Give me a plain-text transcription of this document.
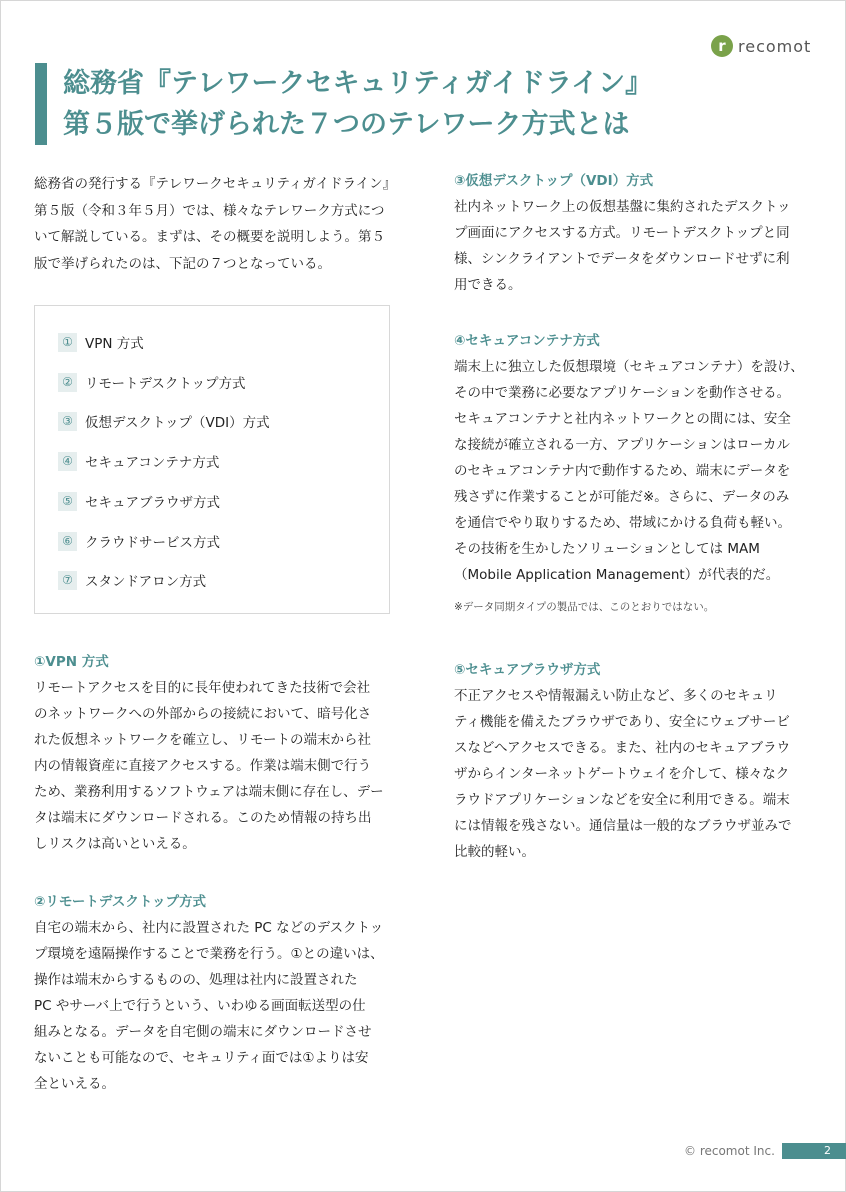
r recomot
総務省『テレワークセキュリティガイドライン』
第５版で挙げられた７つのテレワーク方式とは

総務省の発行する『テレワークセキュリティガイドライン』第５版（令和３年５月）では、様々なテレワーク方式について解説している。まずは、その概要を説明しよう。第５版で挙げられたのは、下記の７つとなっている。

① VPN 方式
② リモートデスクトップ方式
③ 仮想デスクトップ（VDI）方式
④ セキュアコンテナ方式
⑤ セキュアブラウザ方式
⑥ クラウドサービス方式
⑦ スタンドアロン方式

①VPN 方式

リモートアクセスを目的に長年使われてきた技術で会社

のネットワークへの外部からの接続において、暗号化さ

れた仮想ネットワークを確立し、リモートの端末から社

内の情報資産に直接アクセスする。作業は端末側で行う

ため、業務利用するソフトウェアは端末側に存在し、デー

タは端末にダウンロードされる。このため情報の持ち出

しリスクは高いといえる。

②リモートデスクトップ方式

自宅の端末から、社内に設置された PC などのデスクトッ

プ環境を遠隔操作することで業務を行う。①との違いは、

操作は端末からするものの、処理は社内に設置された

PC やサーバ上で行うという、いわゆる画面転送型の仕

組みとなる。データを自宅側の端末にダウンロードさせ

ないことも可能なので、セキュリティ面では①よりは安

全といえる。

③仮想デスクトップ（VDI）方式

社内ネットワーク上の仮想基盤に集約されたデスクトッ

プ画面にアクセスする方式。リモートデスクトップと同

様、シンクライアントでデータをダウンロードせずに利

用できる。

④セキュアコンテナ方式

端末上に独立した仮想環境（セキュアコンテナ）を設け、

その中で業務に必要なアプリケーションを動作させる。

セキュアコンテナと社内ネットワークとの間には、安全

な接続が確立される一方、アプリケーションはローカル

のセキュアコンテナ内で動作するため、端末にデータを

残さずに作業することが可能だ※。さらに、データのみ

を通信でやり取りするため、帯域にかける負荷も軽い。

その技術を生かしたソリューションとしては MAM

（Mobile Application Management）が代表的だ。

※データ同期タイプの製品では、このとおりではない。

⑤セキュアブラウザ方式

不正アクセスや情報漏えい防止など、多くのセキュリ

ティ機能を備えたブラウザであり、安全にウェブサービ

スなどへアクセスできる。また、社内のセキュアブラウ

ザからインターネットゲートウェイを介して、様々なク

ラウドアプリケーションなどを安全に利用できる。端末

には情報を残さない。通信量は一般的なブラウザ並みで

比較的軽い。

© recomot Inc.	2
